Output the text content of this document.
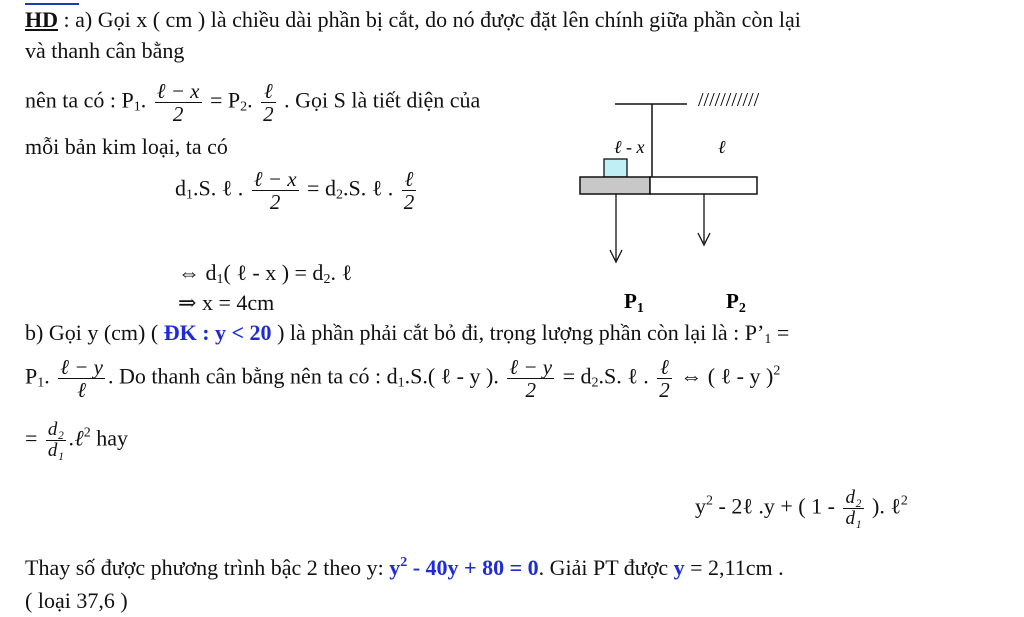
HD : a) Gọi x ( cm ) là chiều dài phần bị cắt, do nó được đặt lên chính giữa phần còn lại
và thanh cân bằng
nên ta có : $P_1$. $\frac{\text{ℓ − x}}{2} = P_2$. $\frac{\text{ℓ}}{2}$ . Gọi S là tiết diện của
mỗi bản kim loại, ta có
$d_1.S$. ℓ . $\frac{\text{ℓ − x}}{2} = d_2.S$. ℓ . $\frac{\text{ℓ}}{2}$
⇔ $d_1$( ℓ - x ) = $d_2$. ℓ
⇒ x = 4cm
///////////
ℓ - x	ℓ
P1	P2
b) Gọi y (cm) ( ĐK : y < 20 ) là phần phải cắt bỏ đi, trọng lượng phần còn lại là : $P’_1$ =
$P_1$. $\frac{\text{ℓ − y}}{\text{ℓ}}$ . Do thanh cân bằng nên ta có : $d_1.S$.( ℓ - y ). $\frac{\text{ℓ − y}}{2} = d_2.S$. ℓ . $\frac{\text{ℓ}}{2}$ ⇔ ( ℓ - y )$^2$
= $\frac{\text{d₂}}{\text{d₁}}$ .ℓ$^2$ hay
$y^2$ - 2ℓ .y + ( $1 - \frac{\text{d₂}}{\text{d₁}}$ ). ℓ$^2$
Thay số được phương trình bậc 2 theo y: $y^2 - 40y + 80 = 0$. Giải PT được y = 2,11cm .
( loại 37,6 )
